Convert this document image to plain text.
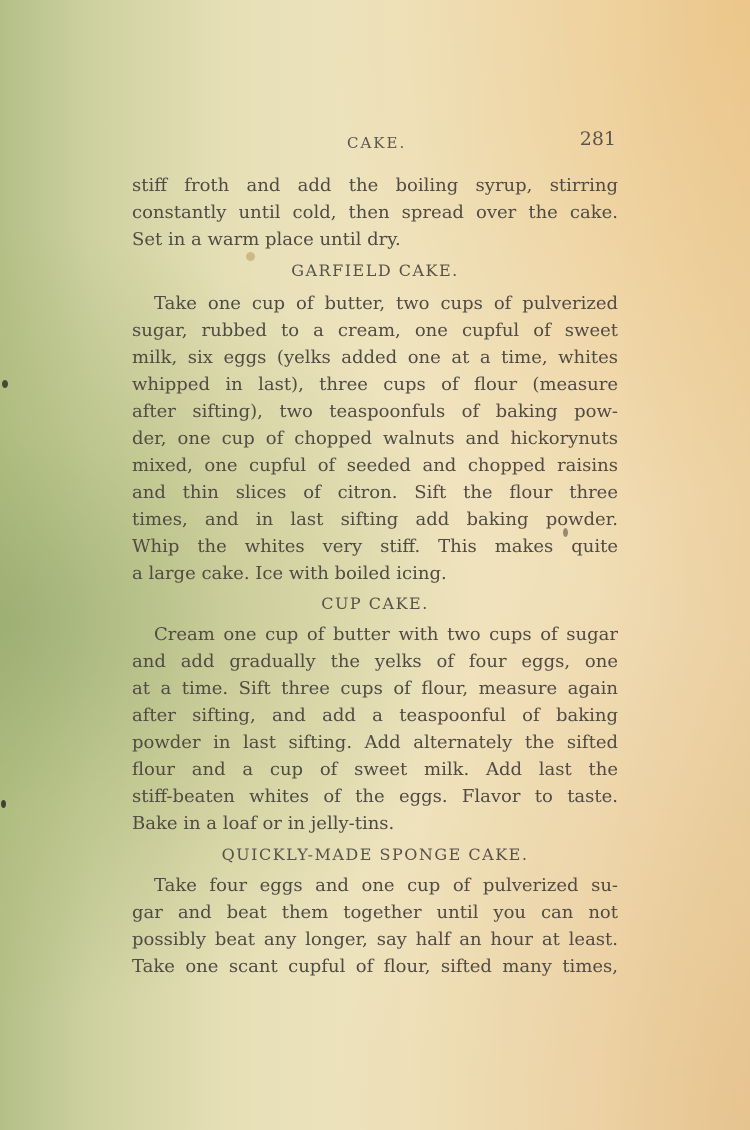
CAKE.	281
stiff froth and add the boiling syrup, stirring
constantly until cold, then spread over the cake.
Set in a warm place until dry.
GARFIELD CAKE.
Take one cup of butter, two cups of pulverized
sugar, rubbed to a cream, one cupful of sweet
milk, six eggs (yelks added one at a time, whites
whipped in last), three cups of flour (measure
after sifting), two teaspoonfuls of baking pow-
der, one cup of chopped walnuts and hickorynuts
mixed, one cupful of seeded and chopped raisins
and thin slices of citron. Sift the flour three
times, and in last sifting add baking powder.
Whip the whites very stiff. This makes quite
a large cake. Ice with boiled icing.
CUP CAKE.
Cream one cup of butter with two cups of sugar
and add gradually the yelks of four eggs, one
at a time. Sift three cups of flour, measure again
after sifting, and add a teaspoonful of baking
powder in last sifting. Add alternately the sifted
flour and a cup of sweet milk. Add last the
stiff-beaten whites of the eggs. Flavor to taste.
Bake in a loaf or in jelly-tins.
QUICKLY-MADE SPONGE CAKE.
Take four eggs and one cup of pulverized su-
gar and beat them together until you can not
possibly beat any longer, say half an hour at least.
Take one scant cupful of flour, sifted many times,
